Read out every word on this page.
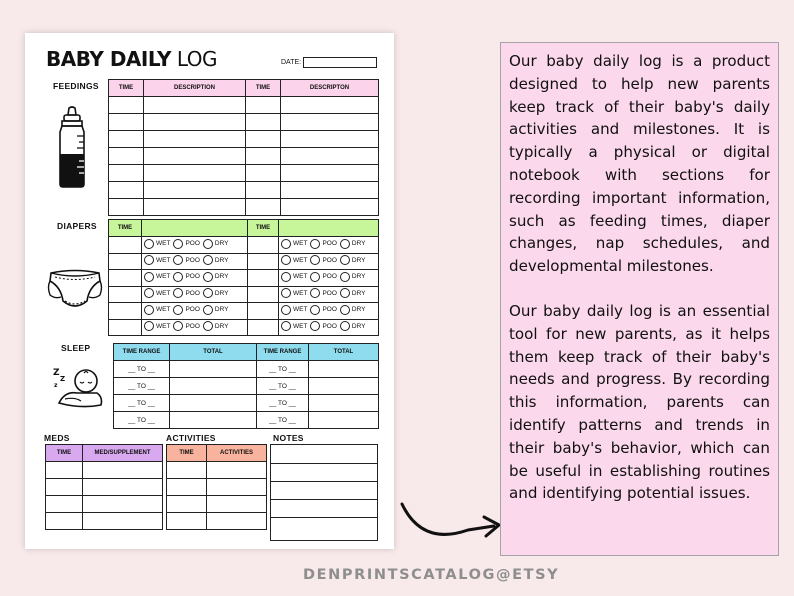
BABY DAILY LOG	DATE:
FEEDINGS	TIME	DESCRIPTION	TIME	DESCRIPTON

DIAPERS	TIME		TIME	

	WET POO DRY		WET POO DRY

	WET POO DRY		WET POO DRY

	WET POO DRY		WET POO DRY

	WET POO DRY		WET POO DRY

	WET POO DRY		WET POO DRY

	WET POO DRY		WET POO DRY
SLEEP
Z
Z
z
TIME RANGE	TOTAL	TIME RANGE	TOTAL
__ TO __		__ TO __	
__ TO __		__ TO __	
__ TO __		__ TO __	
__ TO __		__ TO __	
MEDS
TIME	MED/SUPPLEMENT

ACTIVITIES
TIME	ACTIVITIES

NOTES

Our baby daily log is a product designed to help new parents keep track of their baby's daily activities and milestones. It is typically a physical or digital notebook with sections for recording important information, such as feeding times, diaper changes, nap schedules, and developmental milestones.

Our baby daily log is an essential tool for new parents, as it helps them keep track of their baby's needs and progress. By recording this information, parents can identify patterns and trends in their baby's behavior, which can be useful in establishing routines and identifying potential issues.

DENPRINTSCATALOG@ETSY
